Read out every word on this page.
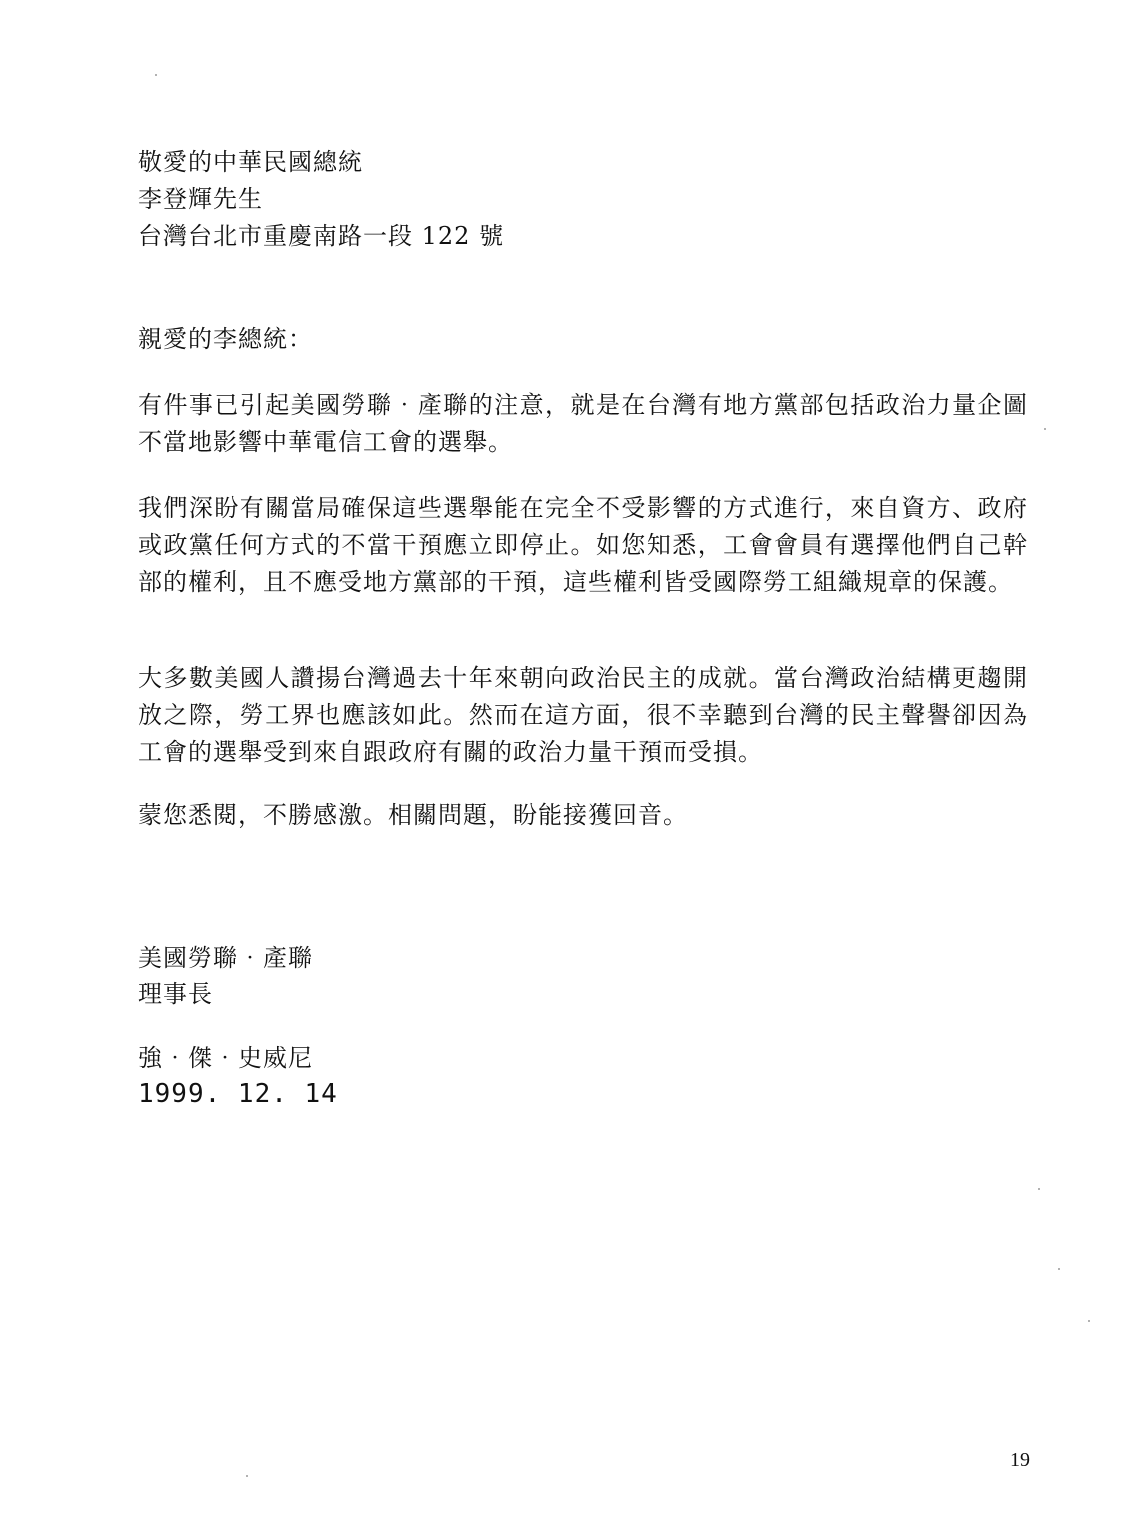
敬愛的中華民國總統
李登輝先生
台灣台北市重慶南路一段 122 號
親愛的李總統：

有件事已引起美國勞聯‧產聯的注意，就是在台灣有地方黨部包括政治力量企圖不當地影響中華電信工會的選舉。

我們深盼有關當局確保這些選舉能在完全不受影響的方式進行，來自資方、政府或政黨任何方式的不當干預應立即停止。如您知悉，工會會員有選擇他們自己幹部的權利，且不應受地方黨部的干預，這些權利皆受國際勞工組織規章的保護。

大多數美國人讚揚台灣過去十年來朝向政治民主的成就。當台灣政治結構更趨開放之際，勞工界也應該如此。然而在這方面，很不幸聽到台灣的民主聲譽卻因為工會的選舉受到來自跟政府有關的政治力量干預而受損。

蒙您悉閱，不勝感激。相關問題，盼能接獲回音。

美國勞聯‧產聯
理事長
強‧傑‧史威尼
1999. 12. 14
19
